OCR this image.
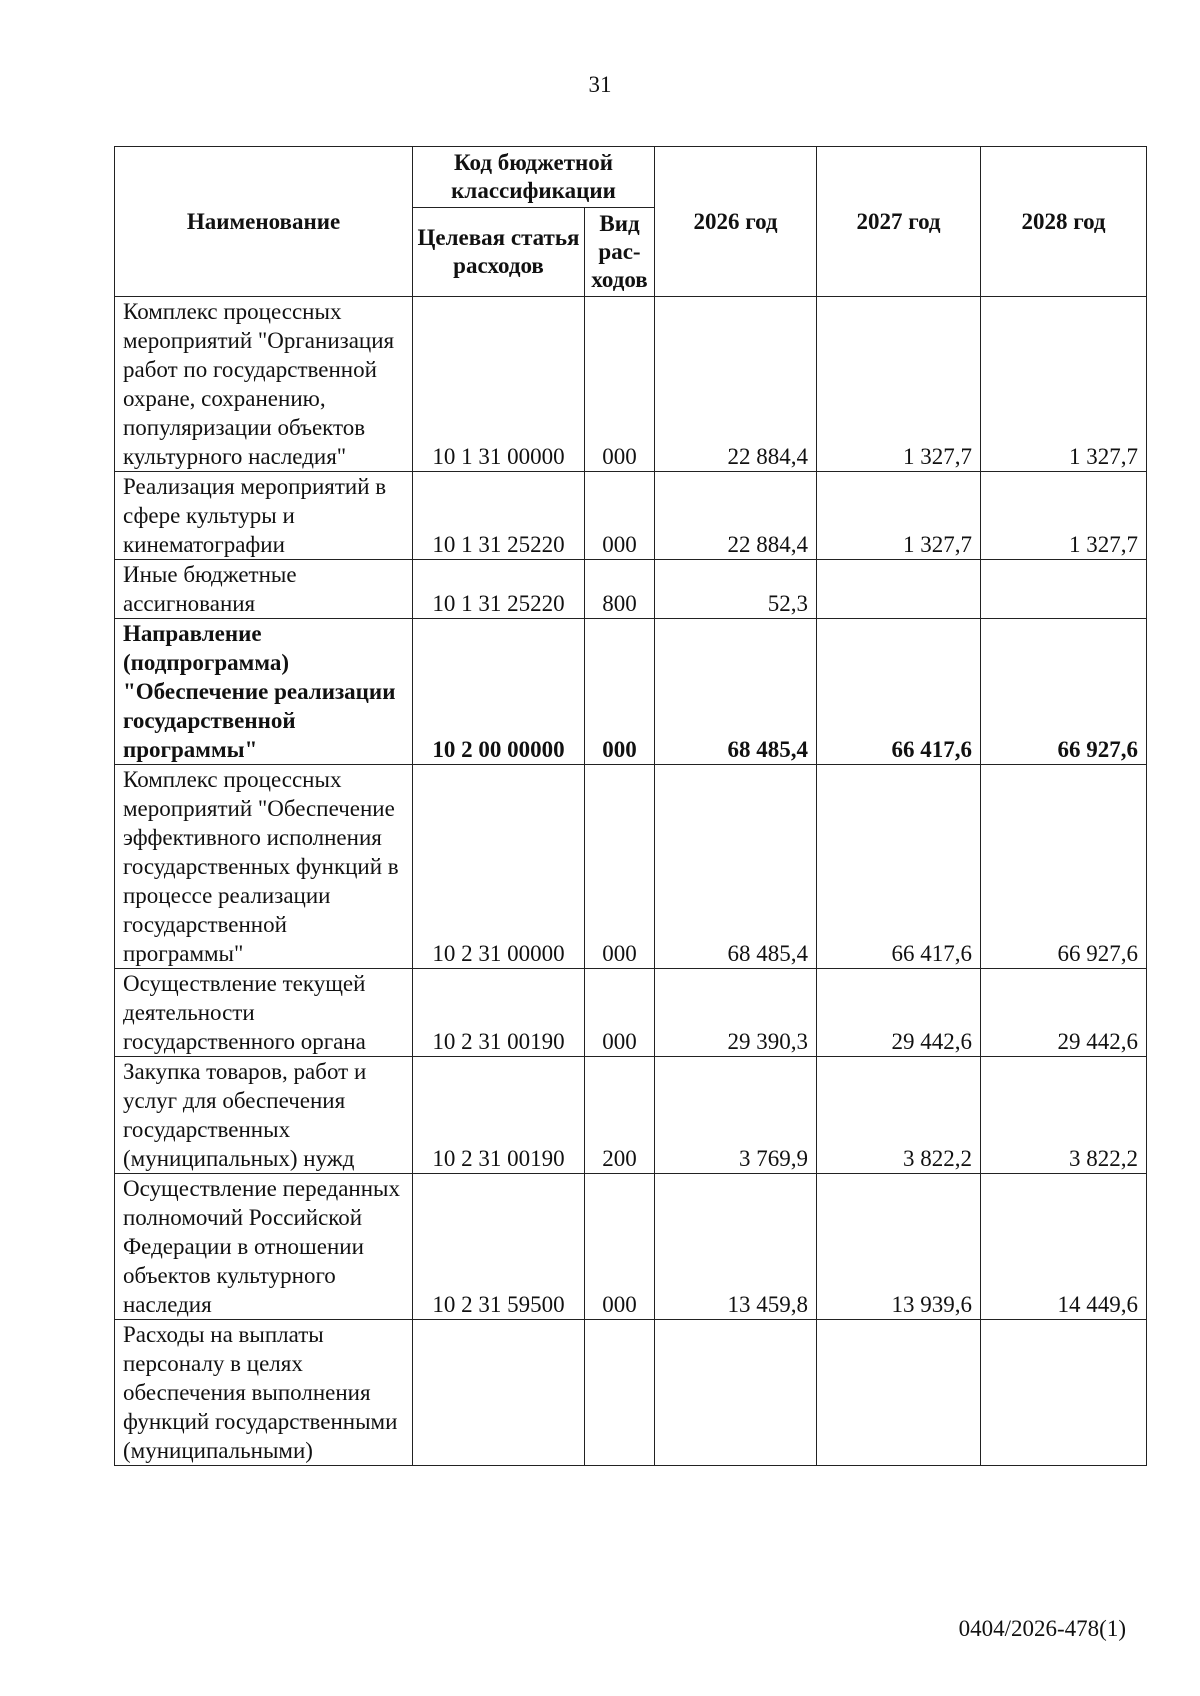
31
Наименование	Код бюджетной классификации		2026 год	2027 год	2028 год
	Целевая статья расходов	Вид рас- ходов			
Комплекс процессных мероприятий "Организация работ по государственной охране, сохранению, популяризации объектов культурного наследия"	10 1 31 00000	000	22 884,4	1 327,7	1 327,7
Реализация мероприятий в сфере культуры и кинематографии	10 1 31 25220	000	22 884,4	1 327,7	1 327,7
Иные бюджетные ассигнования	10 1 31 25220	800	52,3		
Направление (подпрограмма) "Обеспечение реализации государственной программы"	10 2 00 00000	000	68 485,4	66 417,6	66 927,6
Комплекс процессных мероприятий "Обеспечение эффективного исполнения государственных функций в процессе реализации государственной программы"	10 2 31 00000	000	68 485,4	66 417,6	66 927,6
Осуществление текущей деятельности государственного органа	10 2 31 00190	000	29 390,3	29 442,6	29 442,6
Закупка товаров, работ и услуг для обеспечения государственных (муниципальных) нужд	10 2 31 00190	200	3 769,9	3 822,2	3 822,2
Осуществление переданных полномочий Российской Федерации в отношении объектов культурного наследия	10 2 31 59500	000	13 459,8	13 939,6	14 449,6
Расходы на выплаты персоналу в целях обеспечения выполнения функций государственными (муниципальными)					
0404/2026-478(1)
